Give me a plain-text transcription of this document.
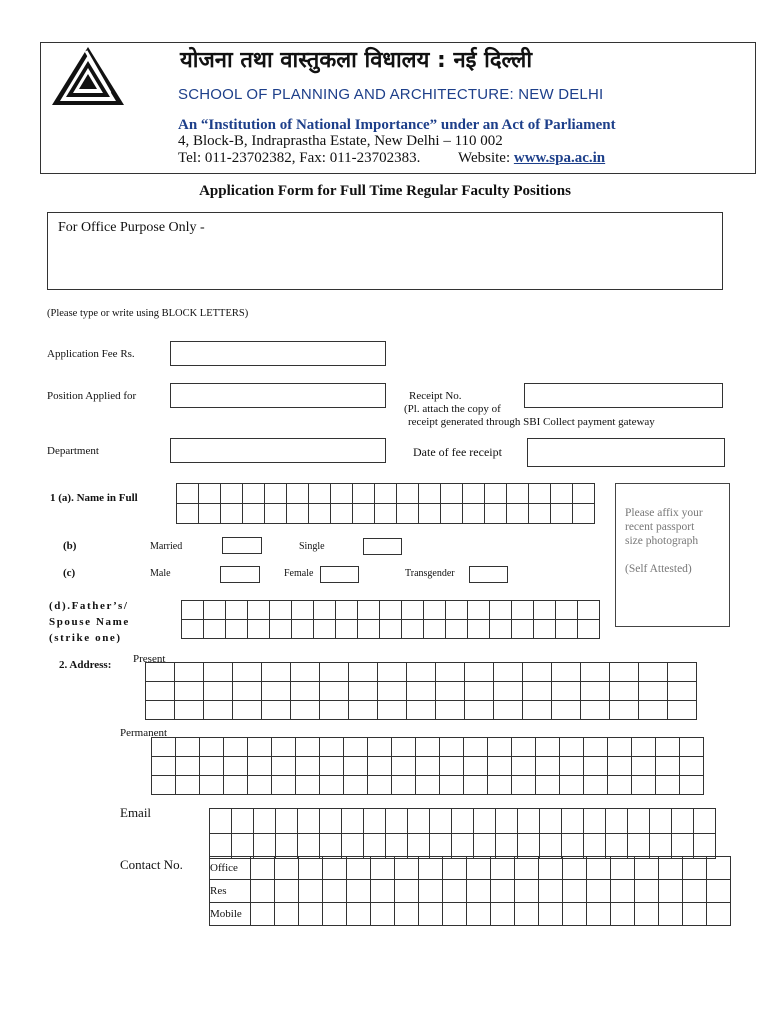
योजना तथा वास्तुकला विधालय : नई दिल्ली
SCHOOL OF PLANNING AND ARCHITECTURE: NEW DELHI
An “Institution of National Importance” under an Act of Parliament
4, Block-B, Indraprastha Estate, New Delhi – 110 002
Tel: 011-23702382, Fax: 011-23702383.	Website: www.spa.ac.in
Application Form for Full Time Regular Faculty Positions
For Office Purpose Only -
(Please type or write using BLOCK LETTERS)
Application Fee Rs.
Position Applied for	Receipt No.
(Pl. attach the copy of
receipt generated through SBI Collect payment gateway
Department	Date of fee receipt
1 (a). Name in Full

Please affix your
recent passport
size photograph
(Self Attested)
(b)	Married	Single
(c)	Male	Female	Transgender
(d).Father’s/
Spouse Name
(strike one)

2. Address: Present

Permanent

Email

Contact No. Office																				
Res																				
Mobile																				
